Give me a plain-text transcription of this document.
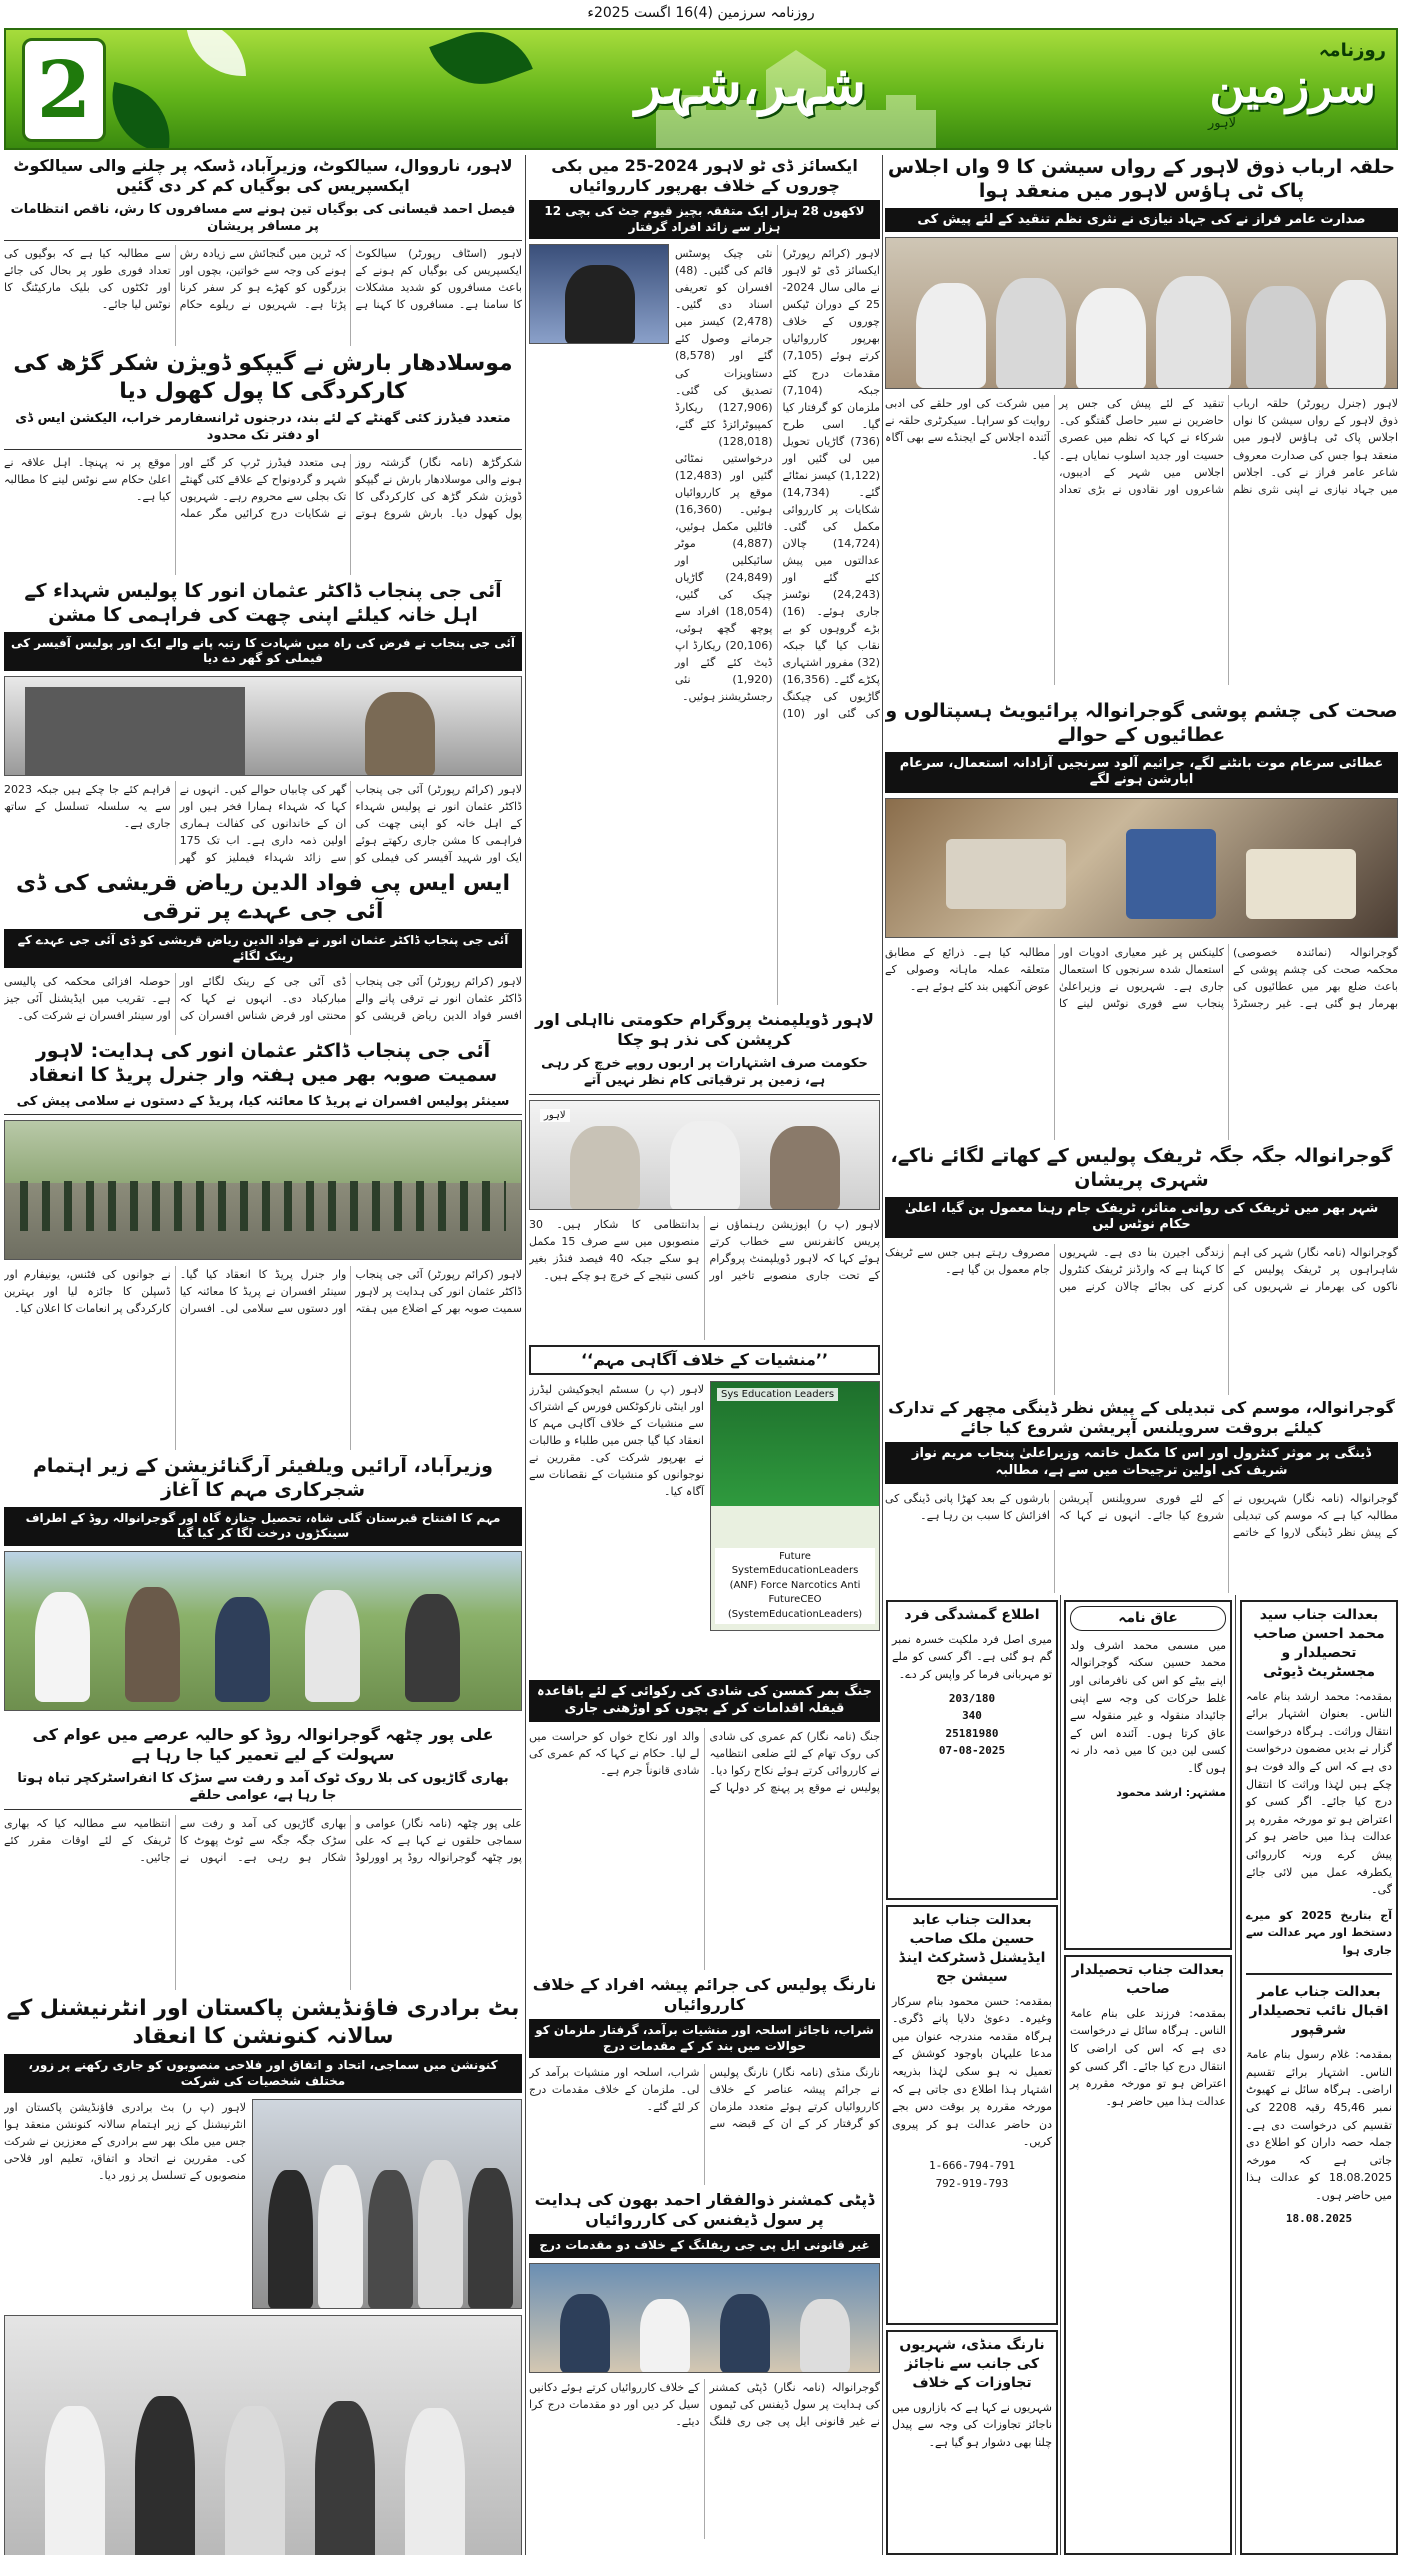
روزنامہ سرزمین (4)16 اگست 2025ء
روزنامہ
سرزمین
لاہور
شہر،شہر
2
حلقہ ارباب ذوق لاہور کے رواں سیشن کا 9 واں اجلاس پاک ٹی ہاؤس لاہور میں منعقد ہوا
صدارت عامر فراز نے کی جہاد نیازی نے نثری نظم تنقید کے لئے پیش کی
لاہور (جنرل رپورٹر) حلقہ ارباب ذوق لاہور کے رواں سیشن کا نواں اجلاس پاک ٹی ہاؤس لاہور میں منعقد ہوا جس کی صدارت معروف شاعر عامر فراز نے کی۔ اجلاس میں جہاد نیازی نے اپنی نثری نظم تنقید کے لئے پیش کی جس پر حاضرین نے سیر حاصل گفتگو کی۔ شرکاء نے کہا کہ نظم میں عصری حسیت اور جدید اسلوب نمایاں ہے۔ اجلاس میں شہر کے ادیبوں، شاعروں اور نقادوں نے بڑی تعداد میں شرکت کی اور حلقے کی ادبی روایت کو سراہا۔ سیکرٹری حلقہ نے آئندہ اجلاس کے ایجنڈے سے بھی آگاہ کیا۔
صحت کی چشم پوشی گوجرانوالہ پرائیویٹ ہسپتالوں و عطائیوں کے حوالے
عطائی سرعام موت بانٹنے لگے، جراثیم آلود سرنجیں آزادانہ استعمال، سرعام ابارشن ہونے لگے
گوجرانوالہ (نمائندہ خصوصی) محکمہ صحت کی چشم پوشی کے باعث ضلع بھر میں عطائیوں کی بھرمار ہو گئی ہے۔ غیر رجسٹرڈ کلینکس پر غیر معیاری ادویات اور استعمال شدہ سرنجوں کا استعمال جاری ہے۔ شہریوں نے وزیراعلیٰ پنجاب سے فوری نوٹس لینے کا مطالبہ کیا ہے۔ ذرائع کے مطابق متعلقہ عملہ ماہانہ وصولی کے عوض آنکھیں بند کئے ہوئے ہے۔
گوجرانوالہ جگہ جگہ ٹریفک پولیس کے کھاتے لگائے ناکے، شہری پریشان
شہر بھر میں ٹریفک کی روانی متاثر، ٹریفک جام رہنا معمول بن گیا، اعلیٰ حکام نوٹس لیں
گوجرانوالہ (نامہ نگار) شہر کی اہم شاہراہوں پر ٹریفک پولیس کے ناکوں کی بھرمار نے شہریوں کی زندگی اجیرن بنا دی ہے۔ شہریوں کا کہنا ہے کہ وارڈنز ٹریفک کنٹرول کرنے کی بجائے چالان کرنے میں مصروف رہتے ہیں جس سے ٹریفک جام معمول بن گیا ہے۔
گوجرانوالہ، موسم کی تبدیلی کے پیش نظر ڈینگی مچھر کے تدارک کیلئے بروقت سرویلنس آپریشن شروع کیا جائے
ڈینگی پر موثر کنٹرول اور اس کا مکمل خاتمہ وزیراعلیٰ پنجاب مریم نواز شریف کی اولین ترجیحات میں سے ہے، مطالبہ
گوجرانوالہ (نامہ نگار) شہریوں نے مطالبہ کیا ہے کہ موسم کی تبدیلی کے پیش نظر ڈینگی لاروا کے خاتمے کے لئے فوری سرویلنس آپریشن شروع کیا جائے۔ انہوں نے کہا کہ بارشوں کے بعد کھڑا پانی ڈینگی کی افزائش کا سبب بن رہا ہے۔
بعدالت جناب سید محمد احسن صاحب تحصیلدار و مجسٹریٹ ڈیوٹی
بمقدمہ: محمد ارشد بنام عامہ الناس۔ بعنوان اشتہار برائے انتقال وراثت۔ ہرگاہ درخواست گزار نے بدیں مضمون درخواست دی ہے کہ اس کے والد فوت ہو چکے ہیں لہٰذا وراثت کا انتقال درج کیا جائے۔ اگر کسی کو اعتراض ہو تو مورخہ مقررہ پر عدالت ہذا میں حاضر ہو کر پیش کرے ورنہ کارروائی یکطرفہ عمل میں لائی جائے گی۔
آج بتاریخ 2025 کو میرے دستخط اور مہر عدالت سے جاری ہوا
بعدالت جناب عامر اقبال نائب تحصیلدار شرقپور
بمقدمہ: غلام رسول بنام عامۃ الناس۔ اشتہار برائے تقسیم اراضی۔ ہرگاہ سائل نے کھیوٹ نمبر 45,46 رقبہ 2208 کی تقسیم کی درخواست دی ہے۔ جملہ حصہ داران کو اطلاع دی جاتی ہے کہ مورخہ 18.08.2025 کو عدالت ہذا میں حاضر ہوں۔
18.08.2025
عاق نامہ
میں مسمی محمد اشرف ولد محمد حسین سکنہ گوجرانوالہ اپنے بیٹے کو اس کی نافرمانی اور غلط حرکات کی وجہ سے اپنی جائیداد منقولہ و غیر منقولہ سے عاق کرتا ہوں۔ آئندہ اس کے کسی لین دین کا میں ذمہ دار نہ ہوں گا۔
مشتہر: ارشد محمود
بعدالت جناب تحصیلدار صاحب
بمقدمہ: فرزند علی بنام عامۃ الناس۔ ہرگاہ سائل نے درخواست دی ہے کہ اس کی اراضی کا انتقال درج کیا جائے۔ اگر کسی کو اعتراض ہو تو مورخہ مقررہ پر عدالت ہذا میں حاضر ہو۔
اطلاع گمشدگی فرد
میری اصل فرد ملکیت خسرہ نمبر گم ہو گئی ہے۔ اگر کسی کو ملے تو مہربانی فرما کر واپس کر دے۔
203/180
340
25181980
07-08-2025
بعدالت جناب عابد حسین ملک صاحب ایڈیشنل ڈسٹرکٹ اینڈ سیشن جج
بمقدمہ: حسن محمود بنام سرکار وغیرہ۔ دعویٰ دلایا پانے ڈگری۔ ہرگاہ مقدمہ مندرجہ عنوان میں مدعا علیہان باوجود کوشش کے تعمیل نہ ہو سکی لہٰذا بذریعہ اشتہار ہذا اطلاع دی جاتی ہے کہ مورخہ مقررہ پر بوقت دس بجے دن حاضر عدالت ہو کر پیروی کریں۔
1-666-794-791
792-919-793
نارنگ منڈی، شہریوں کی جانب سے ناجائز تجاوزات کے خلاف
شہریوں نے کہا ہے کہ بازاروں میں ناجائز تجاوزات کی وجہ سے پیدل چلنا بھی دشوار ہو گیا ہے۔
ایکسائز ڈی ٹو لاہور 2024-25 میں بکی چوروں کے خلاف بھرپور کارروائیاں
لاکھوں 28 ہزار ایک متفقہ بچیز قیوم جٹ کی بچی 12 ہزار سے زائد افراد گرفتار
لاہور (کرائم رپورٹر) ایکسائز ڈی ٹو لاہور نے مالی سال 2024-25 کے دوران ٹیکس چوروں کے خلاف بھرپور کارروائیاں کرتے ہوئے (7,105) مقدمات درج کئے جبکہ (7,104) ملزمان کو گرفتار کیا گیا۔ اسی طرح (736) گاڑیاں تحویل میں لی گئیں اور (1,122) کیسز نمٹائے گئے۔ (14,734) شکایات پر کارروائی مکمل کی گئی۔ (14,724) چالان عدالتوں میں پیش کئے گئے اور (24,243) نوٹسز جاری ہوئے۔ (16) بڑے گروہوں کو بے نقاب کیا گیا جبکہ (32) مفرور اشتہاری پکڑے گئے۔ (16,356) گاڑیوں کی چیکنگ کی گئی اور (10) نئی چیک پوسٹس قائم کی گئیں۔ (48) افسران کو تعریفی اسناد دی گئیں۔ (2,478) کیسز میں جرمانے وصول کئے گئے اور (8,578) دستاویزات کی تصدیق کی گئی۔ (127,906) ریکارڈ کمپیوٹرائزڈ کئے گئے، (128,018) درخواستیں نمٹائی گئیں اور (12,483) موقع پر کارروائیاں ہوئیں۔ (16,360) فائلیں مکمل ہوئیں، (4,887) موٹر سائیکلیں اور (24,849) گاڑیاں چیک کی گئیں، (18,054) افراد سے پوچھ گچھ ہوئی، (20,106) ریکارڈ اپ ڈیٹ کئے گئے اور (1,920) نئی رجسٹریشنز ہوئیں۔
لاہور ڈویلپمنٹ پروگرام حکومتی نااہلی اور کرپشن کی نذر ہو چکا
حکومت صرف اشتہارات پر اربوں روپے خرچ کر رہی ہے، زمین پر ترقیاتی کام نظر نہیں آتے
لاہور
لاہور (پ ر) اپوزیشن رہنماؤں نے پریس کانفرنس سے خطاب کرتے ہوئے کہا کہ لاہور ڈویلپمنٹ پروگرام کے تحت جاری منصوبے تاخیر اور بدانتظامی کا شکار ہیں۔ 30 منصوبوں میں سے صرف 15 مکمل ہو سکے جبکہ 40 فیصد فنڈز بغیر کسی نتیجے کے خرچ ہو چکے ہیں۔
’’منشیات کے خلاف آگاہی مہم‘‘
Sys Education Leaders
Future
SystemEducationLeaders
(ANF) Force Narcotics Anti
FutureCEO
(SystemEducationLeaders)
لاہور (پ ر) سسٹم ایجوکیشن لیڈرز اور اینٹی نارکوٹکس فورس کے اشتراک سے منشیات کے خلاف آگاہی مہم کا انعقاد کیا گیا جس میں طلباء و طالبات نے بھرپور شرکت کی۔ مقررین نے نوجوانوں کو منشیات کے نقصانات سے آگاہ کیا۔
جنگ بمر کمسن کی شادی کی رکوائی کے لئے باقاعدہ قیفلہ اقدامات کر کے بچوں کو اوڑھنی جاری
جنگ (نامہ نگار) کم عمری کی شادی کی روک تھام کے لئے ضلعی انتظامیہ نے کارروائی کرتے ہوئے نکاح رکوا دیا۔ پولیس نے موقع پر پہنچ کر دولہا کے والد اور نکاح خواں کو حراست میں لے لیا۔ حکام نے کہا کہ کم عمری کی شادی قانوناً جرم ہے۔
نارنگ پولیس کی جرائم پیشہ افراد کے خلاف کارروائیاں
شراب، ناجائز اسلحہ اور منشیات برآمد، گرفتار ملزمان کو حوالات میں بند کر کے مقدمات درج
نارنگ منڈی (نامہ نگار) نارنگ پولیس نے جرائم پیشہ عناصر کے خلاف کارروائیاں کرتے ہوئے متعدد ملزمان کو گرفتار کر کے ان کے قبضہ سے شراب، اسلحہ اور منشیات برآمد کر لی۔ ملزمان کے خلاف مقدمات درج کر لئے گئے۔
ڈپٹی کمشنر ذوالفقار احمد بھون کی ہدایت پر سول ڈیفنس کی کارروائیاں
غیر قانونی ایل پی جی ریفلنگ کے خلاف دو مقدمات درج
گوجرانوالہ (نامہ نگار) ڈپٹی کمشنر کی ہدایت پر سول ڈیفنس کی ٹیموں نے غیر قانونی ایل پی جی ری فلنگ کے خلاف کارروائیاں کرتے ہوئے دکانیں سیل کر دیں اور دو مقدمات درج کرا دیئے۔
لاہور، نارووال، سیالکوٹ، وزیرآباد، ڈسکہ پر چلنے والی سیالکوٹ ایکسپریس کی بوگیاں کم کر دی گئیں
فیصل احمد قیسانی کی بوگیاں تین ہونے سے مسافروں کا رش، ناقص انتظامات پر مسافر پریشان
لاہور (اسٹاف رپورٹر) سیالکوٹ ایکسپریس کی بوگیاں کم ہونے کے باعث مسافروں کو شدید مشکلات کا سامنا ہے۔ مسافروں کا کہنا ہے کہ ٹرین میں گنجائش سے زیادہ رش ہونے کی وجہ سے خواتین، بچوں اور بزرگوں کو کھڑے ہو کر سفر کرنا پڑتا ہے۔ شہریوں نے ریلوے حکام سے مطالبہ کیا ہے کہ بوگیوں کی تعداد فوری طور پر بحال کی جائے اور ٹکٹوں کی بلیک مارکیٹنگ کا نوٹس لیا جائے۔
موسلادھار بارش نے گیپکو ڈویژن شکر گڑھ کی کارکردگی کا پول کھول دیا
متعدد فیڈرز کئی گھنٹے کے لئے بند، درجنوں ٹرانسفارمر خراب، الیکشن ایس ڈی او دفتر تک محدود
شکرگڑھ (نامہ نگار) گزشتہ روز ہونے والی موسلادھار بارش نے گیپکو ڈویژن شکر گڑھ کی کارکردگی کا پول کھول دیا۔ بارش شروع ہوتے ہی متعدد فیڈرز ٹرپ کر گئے اور شہر و گردونواح کے علاقے کئی گھنٹے تک بجلی سے محروم رہے۔ شہریوں نے شکایات درج کرائیں مگر عملہ موقع پر نہ پہنچا۔ اہل علاقہ نے اعلیٰ حکام سے نوٹس لینے کا مطالبہ کیا ہے۔
آئی جی پنجاب ڈاکٹر عثمان انور کا پولیس شہداء کے اہل خانہ کیلئے اپنی چھت کی فراہمی کا مشن
آئی جی پنجاب نے فرض کی راہ میں شہادت کا رتبہ پانے والے ایک اور پولیس آفیسر کی فیملی کو گھر دے دیا
لاہور (کرائم رپورٹر) آئی جی پنجاب ڈاکٹر عثمان انور نے پولیس شہداء کے اہل خانہ کو اپنی چھت کی فراہمی کا مشن جاری رکھتے ہوئے ایک اور شہید آفیسر کی فیملی کو گھر کی چابیاں حوالے کیں۔ انہوں نے کہا کہ شہداء ہمارا فخر ہیں اور ان کے خاندانوں کی کفالت ہماری اولین ذمہ داری ہے۔ اب تک 175 سے زائد شہداء فیملیز کو گھر فراہم کئے جا چکے ہیں جبکہ 2023 سے یہ سلسلہ تسلسل کے ساتھ جاری ہے۔
ایس ایس پی فواد الدین ریاض قریشی کی ڈی آئی جی عہدے پر ترقی
آئی جی پنجاب ڈاکٹر عثمان انور نے فواد الدین ریاض قریشی کو ڈی آئی جی عہدے کے رینک لگائے
لاہور (کرائم رپورٹر) آئی جی پنجاب ڈاکٹر عثمان انور نے ترقی پانے والے افسر فواد الدین ریاض قریشی کو ڈی آئی جی کے رینک لگائے اور مبارکباد دی۔ انہوں نے کہا کہ محنتی اور فرض شناس افسران کی حوصلہ افزائی محکمہ کی پالیسی ہے۔ تقریب میں ایڈیشنل آئی جیز اور سینئر افسران نے شرکت کی۔
آئی جی پنجاب ڈاکٹر عثمان انور کی ہدایت: لاہور سمیت صوبہ بھر میں ہفتہ وار جنرل پریڈ کا انعقاد
سینئر پولیس افسران نے پریڈ کا معائنہ کیا، پریڈ کے دستوں نے سلامی پیش کی
لاہور (کرائم رپورٹر) آئی جی پنجاب ڈاکٹر عثمان انور کی ہدایت پر لاہور سمیت صوبہ بھر کے اضلاع میں ہفتہ وار جنرل پریڈ کا انعقاد کیا گیا۔ سینئر افسران نے پریڈ کا معائنہ کیا اور دستوں سے سلامی لی۔ افسران نے جوانوں کی فٹنس، یونیفارم اور ڈسپلن کا جائزہ لیا اور بہترین کارکردگی پر انعامات کا اعلان کیا۔
وزیرآباد، آرائیں ویلفیئر آرگنائزیشن کے زیر اہتمام شجرکاری مہم کا آغاز
مہم کا افتتاح قبرستان گلی شاہ، تحصیل جنازہ گاہ اور گوجرانوالہ روڈ کے اطراف سینکڑوں درخت لگا کر کیا گیا
علی پور چٹھہ گوجرانوالہ روڈ کو حالیہ عرصے میں عوام کی سہولت کے لیے تعمیر کیا جا رہا ہے
بھاری گاڑیوں کی بلا روک ٹوک آمد و رفت سے سڑک کا انفراسٹرکچر تباہ ہوتا جا رہا ہے، عوامی حلقے
علی پور چٹھہ (نامہ نگار) عوامی و سماجی حلقوں نے کہا ہے کہ علی پور چٹھہ گوجرانوالہ روڈ پر اوورلوڈ بھاری گاڑیوں کی آمد و رفت سے سڑک جگہ جگہ سے ٹوٹ پھوٹ کا شکار ہو رہی ہے۔ انہوں نے انتظامیہ سے مطالبہ کیا کہ بھاری ٹریفک کے لئے اوقات مقرر کئے جائیں۔
بٹ برادری فاؤنڈیشن پاکستان اور انٹرنیشنل کے سالانہ کنونشن کا انعقاد
کنونشن میں سماجی، اتحاد و اتفاق اور فلاحی منصوبوں کو جاری رکھنے پر زور، مختلف شخصیات کی شرکت
لاہور (پ ر) بٹ برادری فاؤنڈیشن پاکستان اور انٹرنیشنل کے زیر اہتمام سالانہ کنونشن منعقد ہوا جس میں ملک بھر سے برادری کے معززین نے شرکت کی۔ مقررین نے اتحاد و اتفاق، تعلیم اور فلاحی منصوبوں کے تسلسل پر زور دیا۔
